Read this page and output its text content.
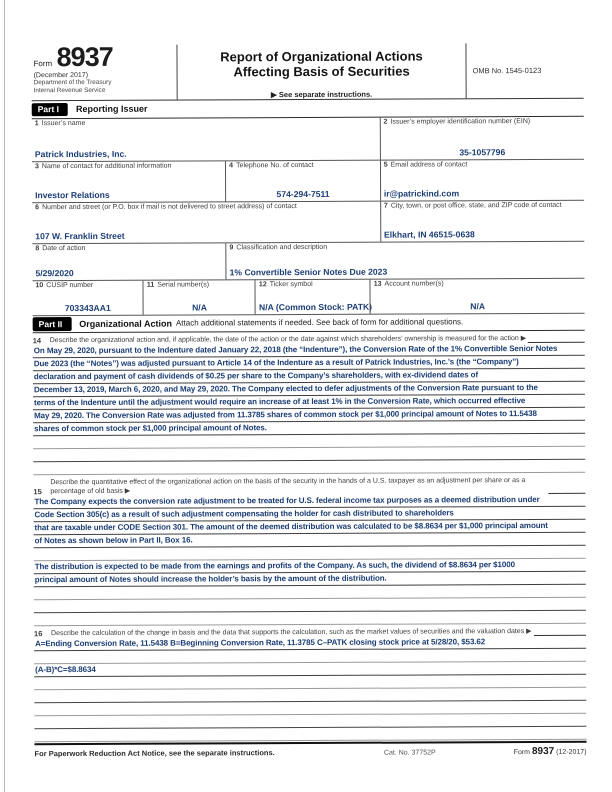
Form 8937
(December 2017)
Department of the Treasury
Internal Revenue Service
Report of Organizational Actions
Affecting Basis of Securities
▶ See separate instructions.
OMB No. 1545-0123
Part I	Reporting Issuer
1 Issuer’s name
Patrick Industries, Inc.
2 Issuer’s employer identification number (EIN)
35-1057796
3 Name of contact for additional information
Investor Relations
4 Telephone No. of contact
574-294-7511
5 Email address of contact
ir@patrickind.com
6 Number and street (or P.O. box if mail is not delivered to street address) of contact
107 W. Franklin Street
7 City, town, or post office, state, and ZIP code of contact
Elkhart, IN 46515-0638
8 Date of action
5/29/2020
9 Classification and description
1% Convertible Senior Notes Due 2023
10 CUSIP number
703343AA1
11 Serial number(s)
N/A
12 Ticker symbol
N/A (Common Stock: PATK)
13 Account number(s)
N/A
Part II	Organizational Action Attach additional statements if needed. See back of form for additional questions.
14	Describe the organizational action and, if applicable, the date of the action or the date against which shareholders’ ownership is measured for the action ▶
On May 29, 2020, pursuant to the Indenture dated January 22, 2018 (the “Indenture”), the Conversion Rate of the 1% Convertible Senior Notes
Due 2023 (the “Notes”) was adjusted pursuant to Article 14 of the Indenture as a result of Patrick Industries, Inc.’s (the “Company”)
declaration and payment of cash dividends of $0.25 per share to the Company’s shareholders, with ex-dividend dates of
December 13, 2019, March 6, 2020, and May 29, 2020. The Company elected to defer adjustments of the Conversion Rate pursuant to the
terms of the Indenture until the adjustment would require an increase of at least 1% in the Conversion Rate, which occurred effective
May 29, 2020. The Conversion Rate was adjusted from 11.3785 shares of common stock per $1,000 principal amount of Notes to 11.5438
shares of common stock per $1,000 principal amount of Notes.
15
Describe the quantitative effect of the organizational action on the basis of the security in the hands of a U.S. taxpayer as an adjustment per share or as a percentage of old basis ▶
The Company expects the conversion rate adjustment to be treated for U.S. federal income tax purposes as a deemed distribution under
Code Section 305(c) as a result of such adjustment compensating the holder for cash distributed to shareholders
that are taxable under CODE Section 301. The amount of the deemed distribution was calculated to be $8.8634 per $1,000 principal amount
of Notes as shown below in Part II, Box 16.
The distribution is expected to be made from the earnings and profits of the Company. As such, the dividend of $8.8634 per $1000
principal amount of Notes should increase the holder’s basis by the amount of the distribution.
16	Describe the calculation of the change in basis and the data that supports the calculation, such as the market values of securities and the valuation dates ▶
A=Ending Conversion Rate, 11.5438 B=Beginning Conversion Rate, 11.3785 C–PATK closing stock price at 5/28/20, $53.62
(A-B)*C=$8.8634
For Paperwork Reduction Act Notice, see the separate instructions.	Cat. No. 37752P	Form 8937 (12-2017)
